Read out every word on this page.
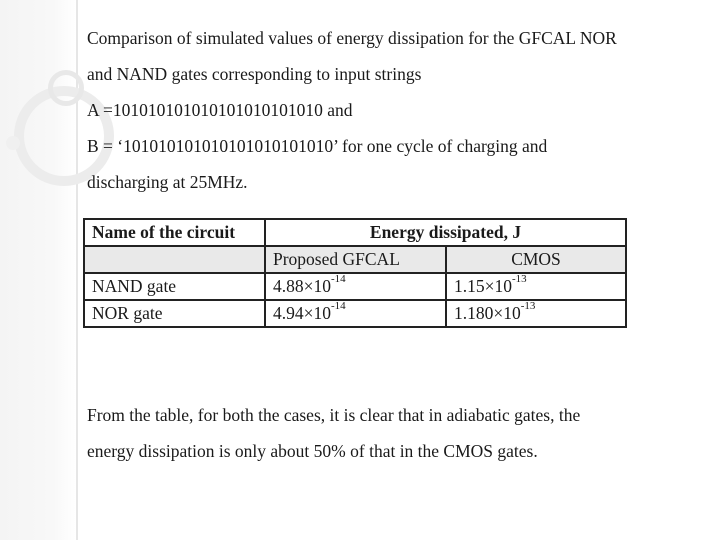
Comparison of simulated values of energy dissipation for the GFCAL NOR

and NAND gates corresponding to input strings

A =101010101010101010101010 and

B = ‘101010101010101010101010’ for one cycle of charging and

discharging at 25MHz.

Name of the circuit	Energy dissipated, J	
	Proposed GFCAL	CMOS
NAND gate	$4.88\times 10^{-14}$	$1.15\times 10^{-13}$
NOR gate	$4.94\times 10^{-14}$	$1.180\times 10^{-13}$

From the table, for both the cases, it is clear that in adiabatic gates, the

energy dissipation is only about 50% of that in the CMOS gates.
